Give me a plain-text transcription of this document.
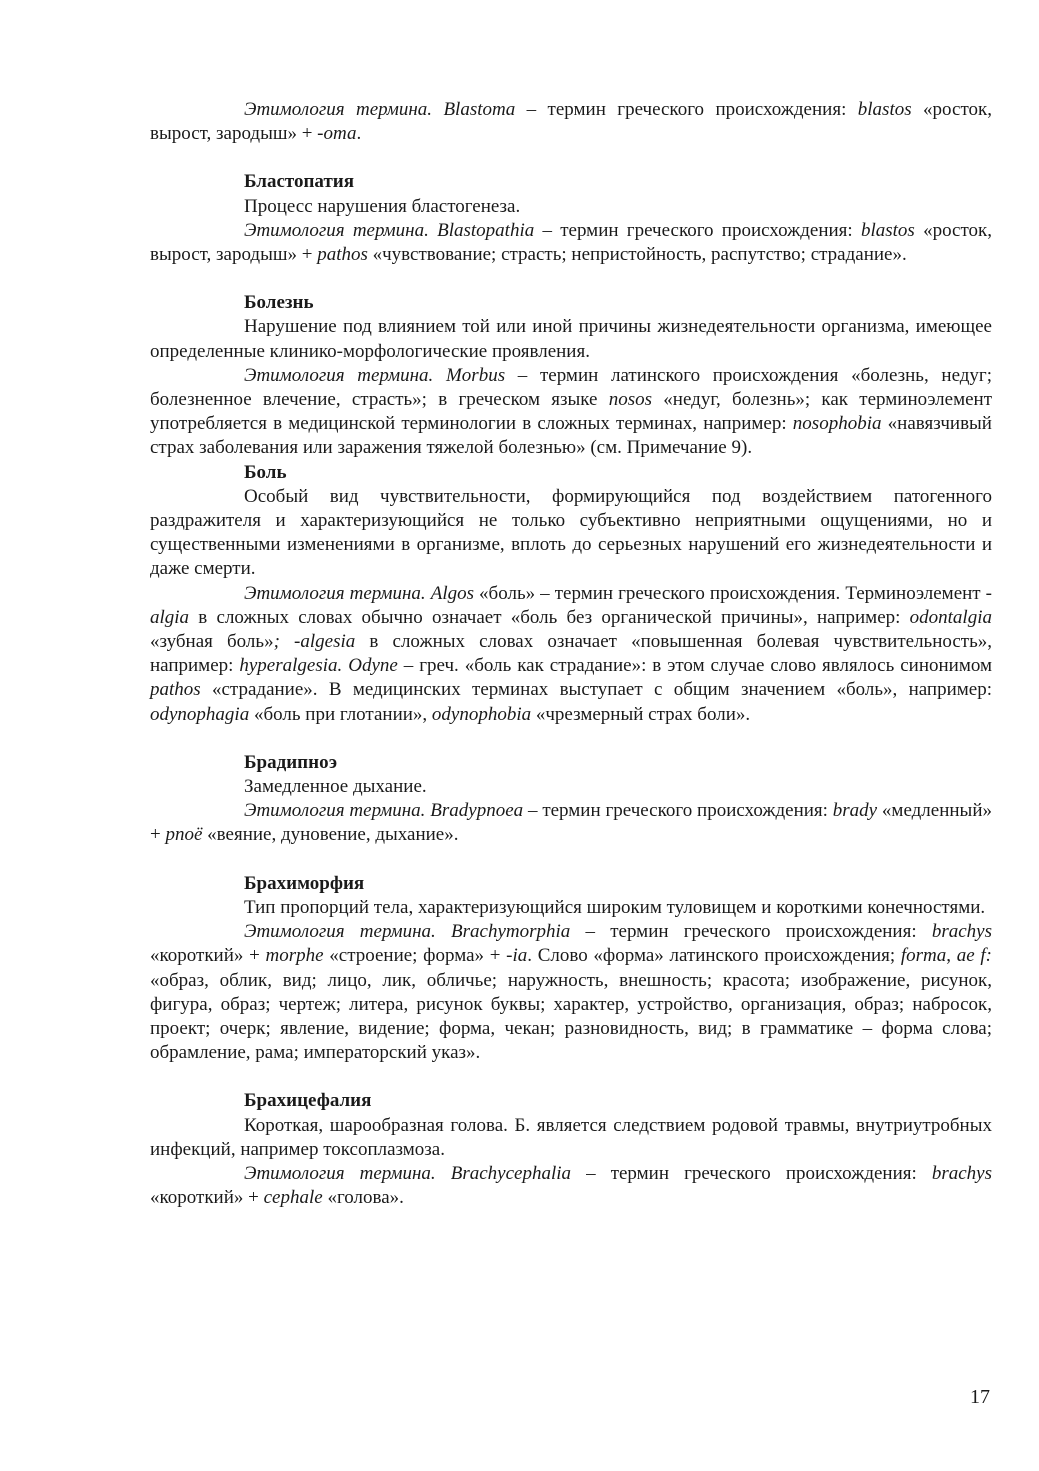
Этимология термина. Blastoma – термин греческого происхождения: blastos «росток, вырост, зародыш» + -ота.

Бластопатия

Процесс нарушения бластогенеза.

Этимология термина. Blastopathia – термин греческого происхождения: blastos «росток, вырост, зародыш» + pathos «чувствование; страсть; непристойность, распутство; страдание».

Болезнь

Нарушение под влиянием той или иной причины жизнедеятельности организма, имеющее определенные клинико-морфологические проявления.

Этимология термина. Morbus – термин латинского происхождения «болезнь, недуг; болезненное влечение, страсть»; в греческом языке nosos «недуг, болезнь»; как терминоэлемент употребляется в медицинской терминологии в сложных терминах, например: nosophobia «навязчивый страх заболевания или заражения тяжелой болезнью» (см. Примечание 9).

Боль

Особый вид чувствительности, формирующийся под воздействием патогенного раздражителя и характеризующийся не только субъективно неприятными ощущениями, но и существенными изменениями в организме, вплоть до серьезных нарушений его жизнедеятельности и даже смерти.

Этимология термина. Algos «боль» – термин греческого происхождения. Терминоэлемент -algia в сложных словах обычно означает «боль без органической причины», например: odontalgia «зубная боль»; -algesia в сложных словах означает «повышенная болевая чувствительность», например: hyperalgesia. Odyne – греч. «боль как страдание»: в этом случае слово являлось синонимом pathos «страдание». В медицинских терминах выступает с общим значением «боль», например: odynophagia «боль при глотании», odynophobia «чрезмерный страх боли».

Брадипноэ

Замедленное дыхание.

Этимология термина. Bradypnoea – термин греческого происхождения: brady «медленный» + pnoё «веяние, дуновение, дыхание».

Брахиморфия

Тип пропорций тела, характеризующийся широким туловищем и короткими конечностями.

Этимология термина. Brachymorphia – термин греческого происхождения: brachys «короткий» + morphe «строение; форма» + -ia. Слово «форма» латинского происхождения; forma, ae f: «образ, облик, вид; лицо, лик, обличье; наружность, внешность; красота; изображение, рисунок, фигура, образ; чертеж; литера, рисунок буквы; характер, устройство, организация, образ; набросок, проект; очерк; явление, видение; форма, чекан; разновидность, вид; в грамматике – форма слова; обрамление, рама; императорский указ».

Брахицефалия

Короткая, шарообразная голова. Б. является следствием родовой травмы, внутриутробных инфекций, например токсоплазмоза.

Этимология термина. Brachycephalia – термин греческого происхождения: brachys «короткий» + cephale «голова».

17
